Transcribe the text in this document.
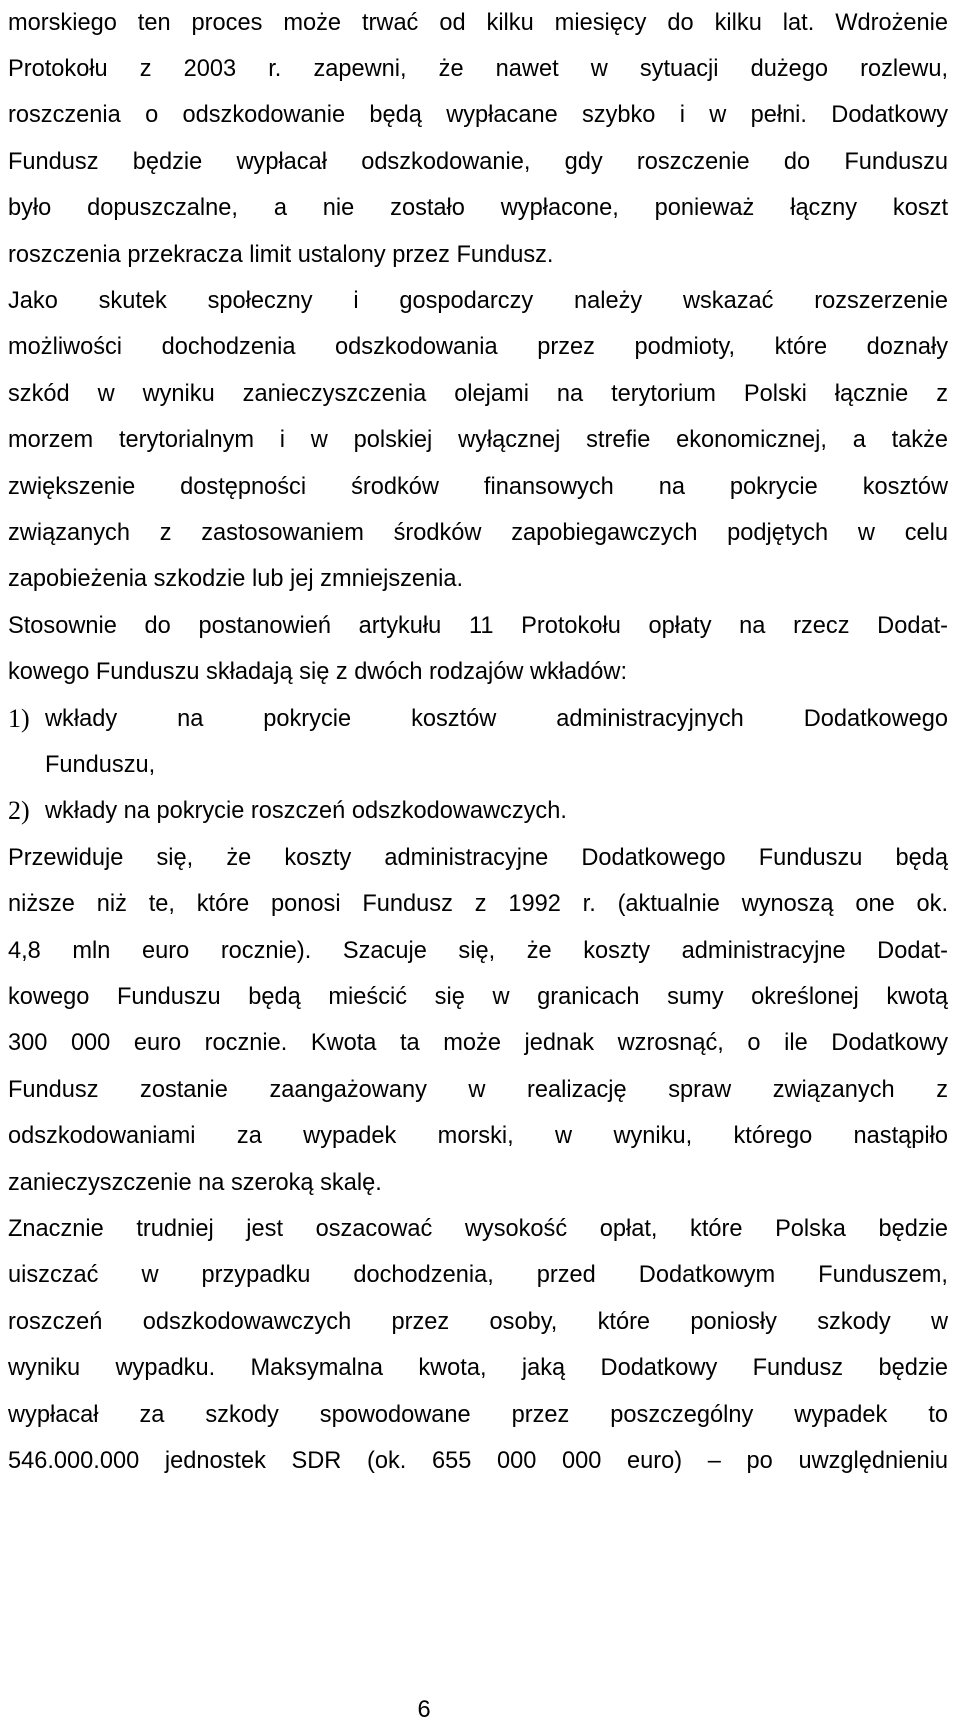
morskiego ten proces może trwać od kilku miesięcy do kilku lat. Wdrożenie
Protokołu z 2003 r. zapewni, że nawet w sytuacji dużego rozlewu,
roszczenia o odszkodowanie będą wypłacane szybko i w pełni. Dodatkowy
Fundusz będzie wypłacał odszkodowanie, gdy roszczenie do Funduszu
było dopuszczalne, a nie zostało wypłacone, ponieważ łączny koszt
roszczenia przekracza limit ustalony przez Fundusz.
Jako skutek społeczny i gospodarczy należy wskazać rozszerzenie
możliwości dochodzenia odszkodowania przez podmioty, które doznały
szkód w wyniku zanieczyszczenia olejami na terytorium Polski łącznie z
morzem terytorialnym i w polskiej wyłącznej strefie ekonomicznej, a także
zwiększenie dostępności środków finansowych na pokrycie kosztów
związanych z zastosowaniem środków zapobiegawczych podjętych w celu
zapobieżenia szkodzie lub jej zmniejszenia.
Stosownie do postanowień artykułu 11 Protokołu opłaty na rzecz Dodat-
kowego Funduszu składają się z dwóch rodzajów wkładów:
1) wkłady na pokrycie kosztów administracyjnych Dodatkowego
Funduszu,
2) wkłady na pokrycie roszczeń odszkodowawczych.
Przewiduje się, że koszty administracyjne Dodatkowego Funduszu będą
niższe niż te, które ponosi Fundusz z 1992 r. (aktualnie wynoszą one ok.
4,8 mln euro rocznie). Szacuje się, że koszty administracyjne Dodat-
kowego Funduszu będą mieścić się w granicach sumy określonej kwotą
300 000 euro rocznie. Kwota ta może jednak wzrosnąć, o ile Dodatkowy
Fundusz zostanie zaangażowany w realizację spraw związanych z
odszkodowaniami za wypadek morski, w wyniku, którego nastąpiło
zanieczyszczenie na szeroką skalę.
Znacznie trudniej jest oszacować wysokość opłat, które Polska będzie
uiszczać w przypadku dochodzenia, przed Dodatkowym Funduszem,
roszczeń odszkodowawczych przez osoby, które poniosły szkody w
wyniku wypadku. Maksymalna kwota, jaką Dodatkowy Fundusz będzie
wypłacał za szkody spowodowane przez poszczególny wypadek to
546.000.000 jednostek SDR (ok. 655 000 000 euro) – po uwzględnieniu
6
